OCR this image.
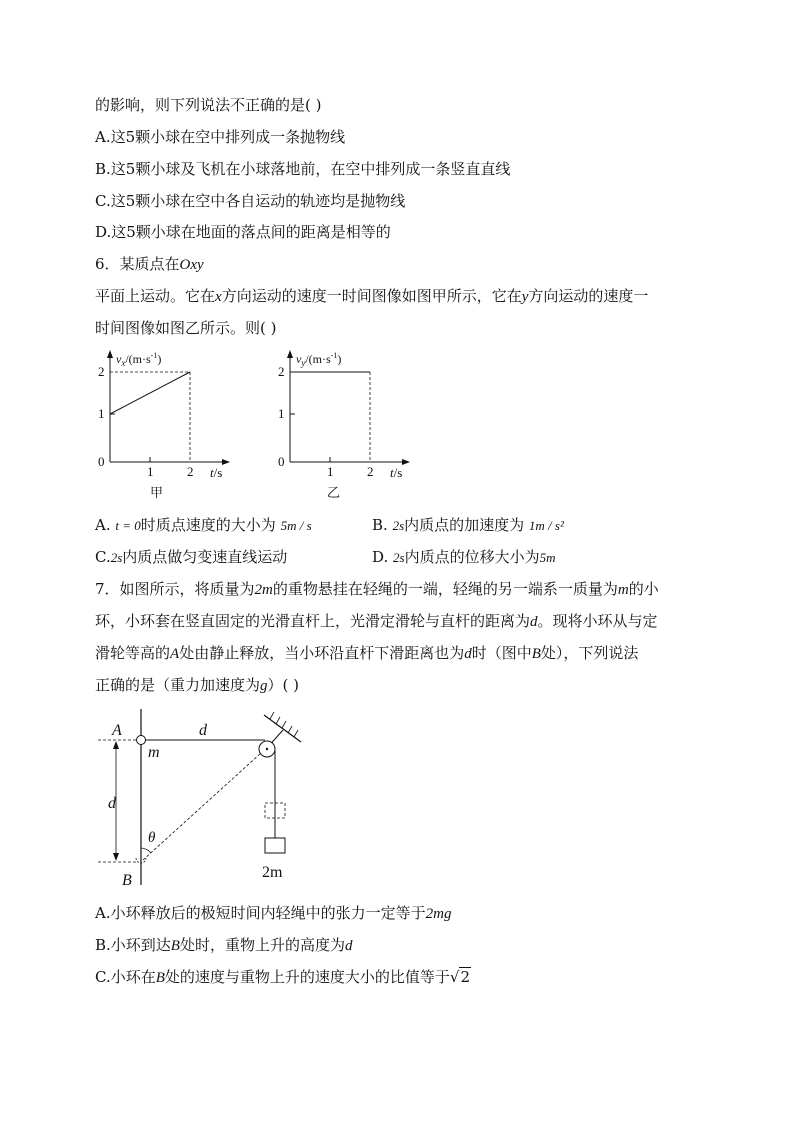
的影响，则下列说法不正确的是( )
A.这5颗小球在空中排列成一条抛物线
B.这5颗小球及飞机在小球落地前，在空中排列成一条竖直直线
C.这5颗小球在空中各自运动的轨迹均是抛物线
D.这5颗小球在地面的落点间的距离是相等的
6．某质点在Oxy
平面上运动。它在x方向运动的速度一时间图像如图甲所示，它在y方向运动的速度一
时间图像如图乙所示。则( )
$v_x/(m\cdot s^{-1})$
2
1
0
1	2 t/s
甲
$v_y/(m\cdot s^{-1})$
2
1
0
1	2 t/s
乙
A. t = 0时质点速度的大小为 5m / s	B. 2s内质点的加速度为 1m / s²
C.2s内质点做匀变速直线运动	D. 2s内质点的位移大小为5m
7．如图所示，将质量为2m的重物悬挂在轻绳的一端，轻绳的另一端系一质量为m的小
环，小环套在竖直固定的光滑直杆上，光滑定滑轮与直杆的距离为d。现将小环从与定
滑轮等高的A处由静止释放，当小环沿直杆下滑距离也为d时（图中B处），下列说法
正确的是（重力加速度为g）( )
A
m
d
d
θ
B	2m
A.小环释放后的极短时间内轻绳中的张力一定等于2mg
B.小环到达B处时，重物上升的高度为d
C.小环在B处的速度与重物上升的速度大小的比值等于√2
